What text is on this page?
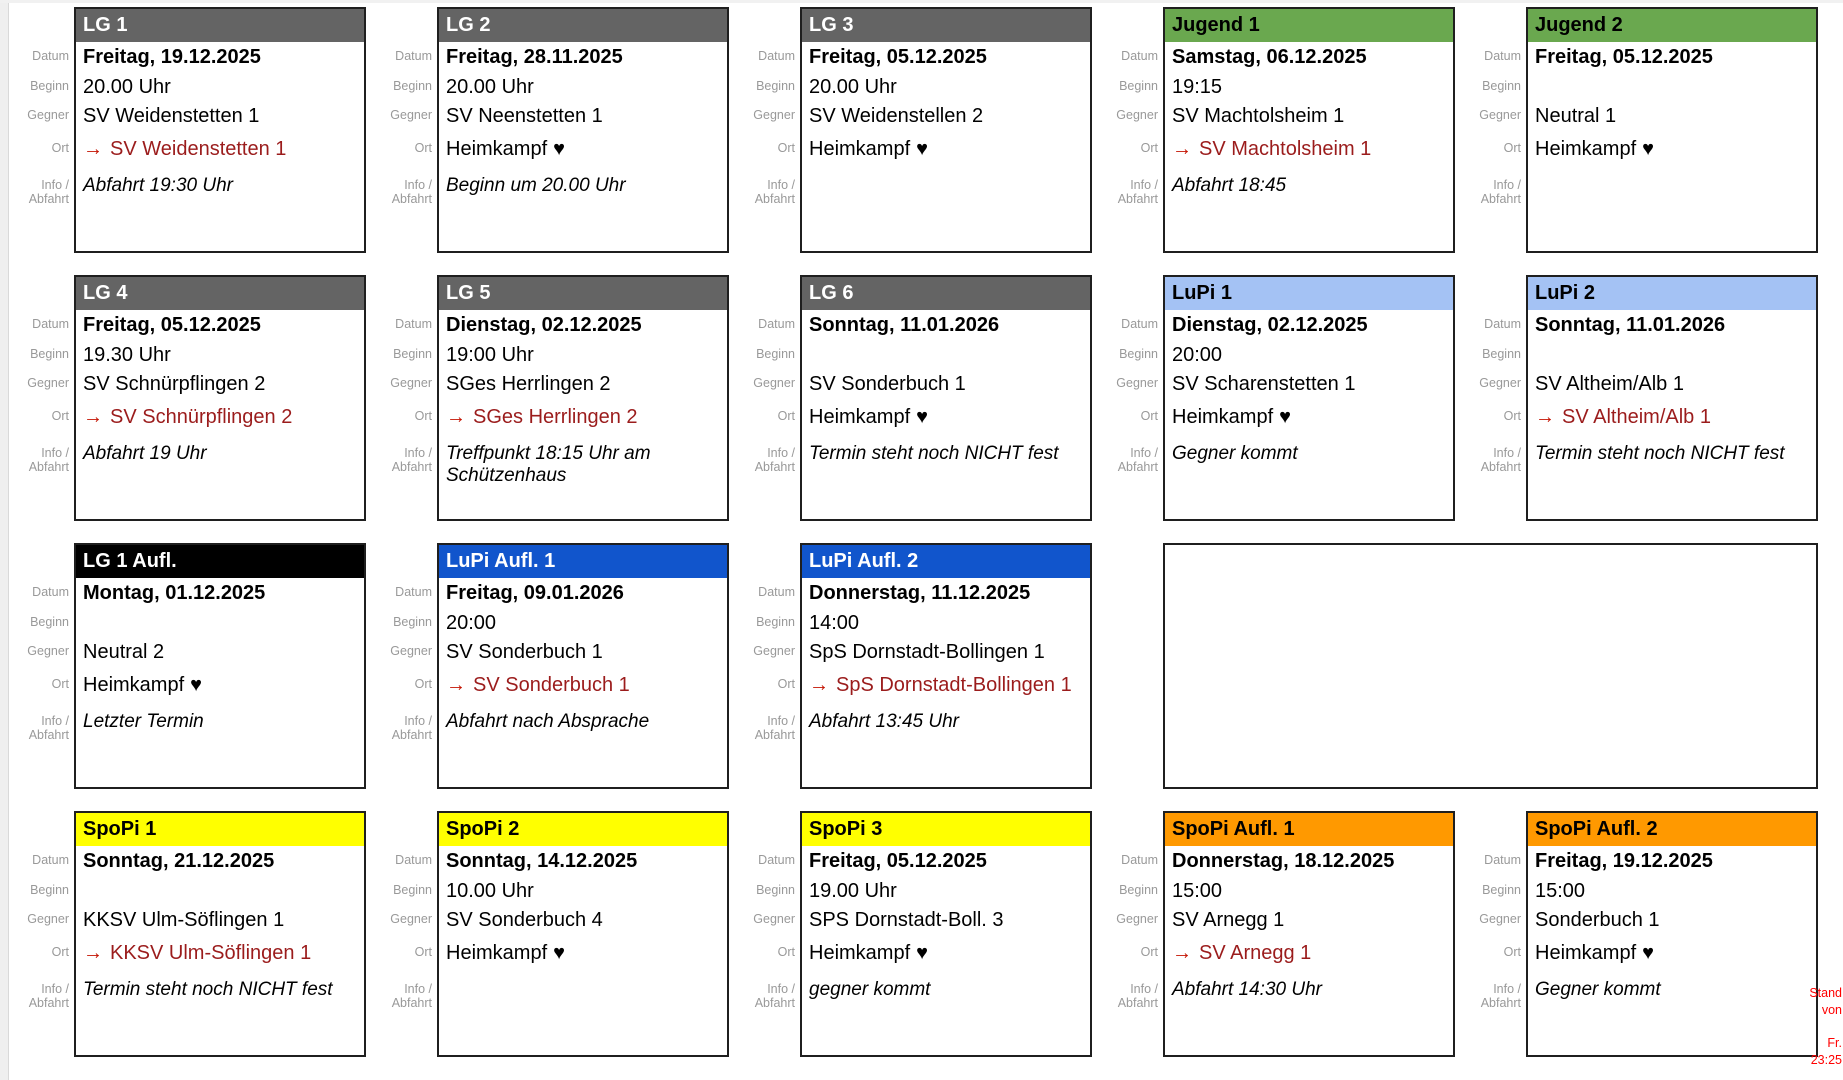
Datum
Beginn
Gegner
Ort
Info /
Abfahrt
LG 1
Freitag, 19.12.2025
20.00 Uhr
SV Weidenstetten 1
→ SV Weidenstetten 1
Abfahrt 19:30 Uhr
Datum
Beginn
Gegner
Ort
Info /
Abfahrt
LG 2
Freitag, 28.11.2025
20.00 Uhr
SV Neenstetten 1
Heimkampf ♥
Beginn um 20.00 Uhr
Datum
Beginn
Gegner
Ort
Info /
Abfahrt
LG 3
Freitag, 05.12.2025
20.00 Uhr
SV Weidenstellen 2
Heimkampf ♥
Datum
Beginn
Gegner
Ort
Info /
Abfahrt
Jugend 1
Samstag, 06.12.2025
19:15
SV Machtolsheim 1
→ SV Machtolsheim 1
Abfahrt 18:45
Datum
Beginn
Gegner
Ort
Info /
Abfahrt
Jugend 2
Freitag, 05.12.2025
Neutral 1
Heimkampf ♥
Datum
Beginn
Gegner
Ort
Info /
Abfahrt
LG 4
Freitag, 05.12.2025
19.30 Uhr
SV Schnürpflingen 2
→ SV Schnürpflingen 2
Abfahrt 19 Uhr
Datum
Beginn
Gegner
Ort
Info /
Abfahrt
LG 5
Dienstag, 02.12.2025
19:00 Uhr
SGes Herrlingen 2
→ SGes Herrlingen 2
Treffpunkt 18:15 Uhr am Schützenhaus
Datum
Beginn
Gegner
Ort
Info /
Abfahrt
LG 6
Sonntag, 11.01.2026
SV Sonderbuch 1
Heimkampf ♥
Termin steht noch NICHT fest
Datum
Beginn
Gegner
Ort
Info /
Abfahrt
LuPi 1
Dienstag, 02.12.2025
20:00
SV Scharenstetten 1
Heimkampf ♥
Gegner kommt
Datum
Beginn
Gegner
Ort
Info /
Abfahrt
LuPi 2
Sonntag, 11.01.2026
SV Altheim/Alb 1
→ SV Altheim/Alb 1
Termin steht noch NICHT fest
Datum
Beginn
Gegner
Ort
Info /
Abfahrt
LG 1 Aufl.
Montag, 01.12.2025
Neutral 2
Heimkampf ♥
Letzter Termin
Datum
Beginn
Gegner
Ort
Info /
Abfahrt
LuPi Aufl. 1
Freitag, 09.01.2026
20:00
SV Sonderbuch 1
→ SV Sonderbuch 1
Abfahrt nach Absprache
Datum
Beginn
Gegner
Ort
Info /
Abfahrt
LuPi Aufl. 2
Donnerstag, 11.12.2025
14:00
SpS Dornstadt-Bollingen 1
→ SpS Dornstadt-Bollingen 1
Abfahrt 13:45 Uhr
Datum
Beginn
Gegner
Ort
Info /
Abfahrt
SpoPi 1
Sonntag, 21.12.2025
KKSV Ulm-Söflingen 1
→ KKSV Ulm-Söflingen 1
Termin steht noch NICHT fest
Datum
Beginn
Gegner
Ort
Info /
Abfahrt
SpoPi 2
Sonntag, 14.12.2025
10.00 Uhr
SV Sonderbuch 4
Heimkampf ♥
Datum
Beginn
Gegner
Ort
Info /
Abfahrt
SpoPi 3
Freitag, 05.12.2025
19.00 Uhr
SPS Dornstadt-Boll. 3
Heimkampf ♥
gegner kommt
Datum
Beginn
Gegner
Ort
Info /
Abfahrt
SpoPi Aufl. 1
Donnerstag, 18.12.2025
15:00
SV Arnegg 1
→ SV Arnegg 1
Abfahrt 14:30 Uhr
Datum
Beginn
Gegner
Ort
Info /
Abfahrt
SpoPi Aufl. 2
Freitag, 19.12.2025
15:00
Sonderbuch 1
Heimkampf ♥
Gegner kommt	Stand
von
Fr.
23:25
